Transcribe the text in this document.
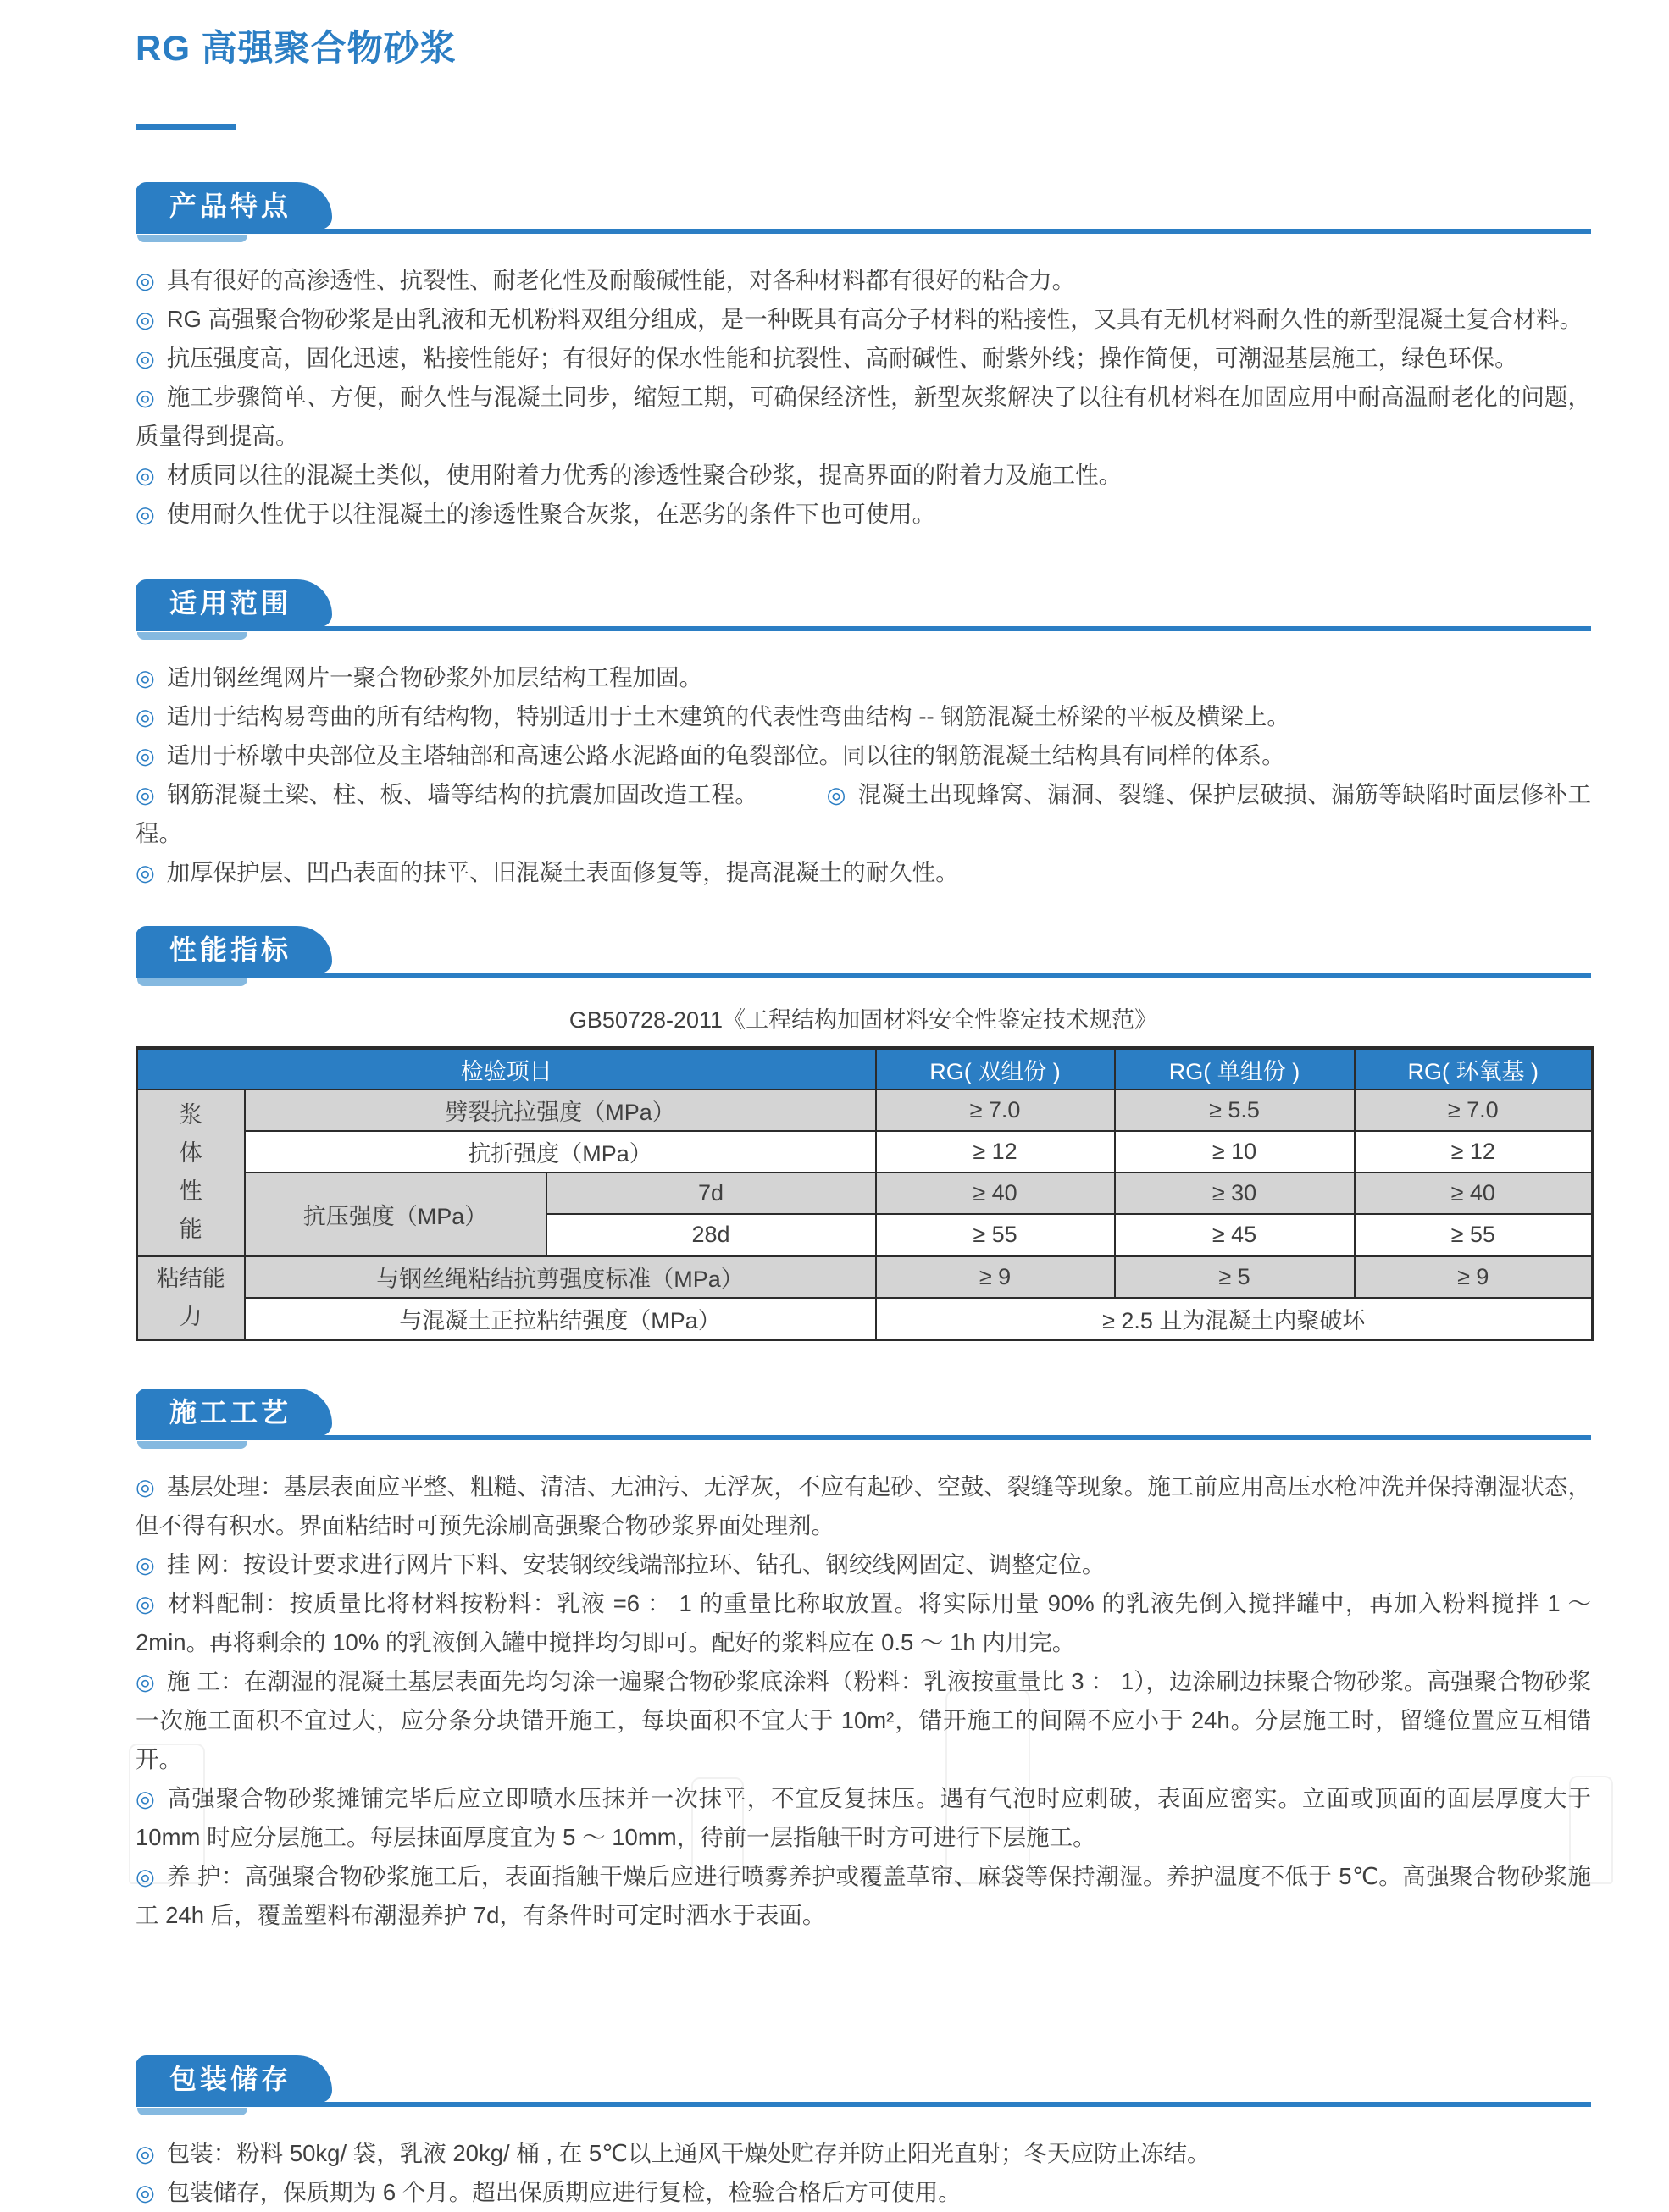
RG 高强聚合物砂浆
产品特点

◎ 具有很好的高渗透性、抗裂性、耐老化性及耐酸碱性能，对各种材料都有很好的粘合力。

◎ RG 高强聚合物砂浆是由乳液和无机粉料双组分组成，是一种既具有高分子材料的粘接性，又具有无机材料耐久性的新型混凝土复合材料。

◎ 抗压强度高，固化迅速，粘接性能好；有很好的保水性能和抗裂性、高耐碱性、耐紫外线；操作简便，可潮湿基层施工，绿色环保。

◎ 施工步骤简单、方便，耐久性与混凝土同步，缩短工期，可确保经济性，新型灰浆解决了以往有机材料在加固应用中耐高温耐老化的问题，质量得到提高。

◎ 材质同以往的混凝土类似，使用附着力优秀的渗透性聚合砂浆，提高界面的附着力及施工性。

◎ 使用耐久性优于以往混凝土的渗透性聚合灰浆，在恶劣的条件下也可使用。

适用范围

◎ 适用钢丝绳网片一聚合物砂浆外加层结构工程加固。

◎ 适用于结构易弯曲的所有结构物，特别适用于土木建筑的代表性弯曲结构 -- 钢筋混凝土桥梁的平板及横梁上。

◎ 适用于桥墩中央部位及主塔轴部和高速公路水泥路面的龟裂部位。同以往的钢筋混凝土结构具有同样的体系。

◎ 钢筋混凝土梁、柱、板、墙等结构的抗震加固改造工程。	◎ 混凝土出现蜂窝、漏洞、裂缝、保护层破损、漏筋等缺陷时面层修补工程。

◎ 加厚保护层、凹凸表面的抹平、旧混凝土表面修复等，提高混凝土的耐久性。

性能指标
GB50728-2011《工程结构加固材料安全性鉴定技术规范》
检验项目			RG( 双组份 )	RG( 单组份 )	RG( 环氧基 )

浆
体
性
能	劈裂抗拉强度（MPa）		≥ 7.0	≥ 5.5	≥ 7.0
	抗折强度（MPa）		≥ 12	≥ 10	≥ 12
	抗压强度（MPa）	7d	≥ 40	≥ 30	≥ 40
		28d	≥ 55	≥ 45	≥ 55

粘结能
力	与钢丝绳粘结抗剪强度标准（MPa）		≥ 9	≥ 5	≥ 9
	与混凝土正拉粘结强度（MPa）		≥ 2.5 且为混凝土内聚破坏		
施工工艺

◎ 基层处理：基层表面应平整、粗糙、清洁、无油污、无浮灰，不应有起砂、空鼓、裂缝等现象。施工前应用高压水枪冲洗并保持潮湿状态，但不得有积水。界面粘结时可预先涂刷高强聚合物砂浆界面处理剂。

◎ 挂 网：按设计要求进行网片下料、安装钢绞线端部拉环、钻孔、钢绞线网固定、调整定位。

◎ 材料配制：按质量比将材料按粉料：乳液 =6 ： 1 的重量比称取放置。将实际用量 90% 的乳液先倒入搅拌罐中，再加入粉料搅拌 1 ～ 2min。再将剩余的 10% 的乳液倒入罐中搅拌均匀即可。配好的浆料应在 0.5 ～ 1h 内用完。

◎ 施 工：在潮湿的混凝土基层表面先均匀涂一遍聚合物砂浆底涂料（粉料：乳液按重量比 3 ： 1），边涂刷边抹聚合物砂浆。高强聚合物砂浆一次施工面积不宜过大，应分条分块错开施工，每块面积不宜大于 10m²，错开施工的间隔不应小于 24h。分层施工时，留缝位置应互相错开。

◎ 高强聚合物砂浆摊铺完毕后应立即喷水压抹并一次抹平，不宜反复抹压。遇有气泡时应刺破，表面应密实。立面或顶面的面层厚度大于 10mm 时应分层施工。每层抹面厚度宜为 5 ～ 10mm，待前一层指触干时方可进行下层施工。

◎ 养 护：高强聚合物砂浆施工后，表面指触干燥后应进行喷雾养护或覆盖草帘、麻袋等保持潮湿。养护温度不低于 5℃。高强聚合物砂浆施工 24h 后，覆盖塑料布潮湿养护 7d，有条件时可定时洒水于表面。

包装储存

◎ 包装：粉料 50kg/ 袋，乳液 20kg/ 桶 , 在 5℃以上通风干燥处贮存并防止阳光直射；冬天应防止冻结。

◎ 包装储存，保质期为 6 个月。超出保质期应进行复检，检验合格后方可使用。
